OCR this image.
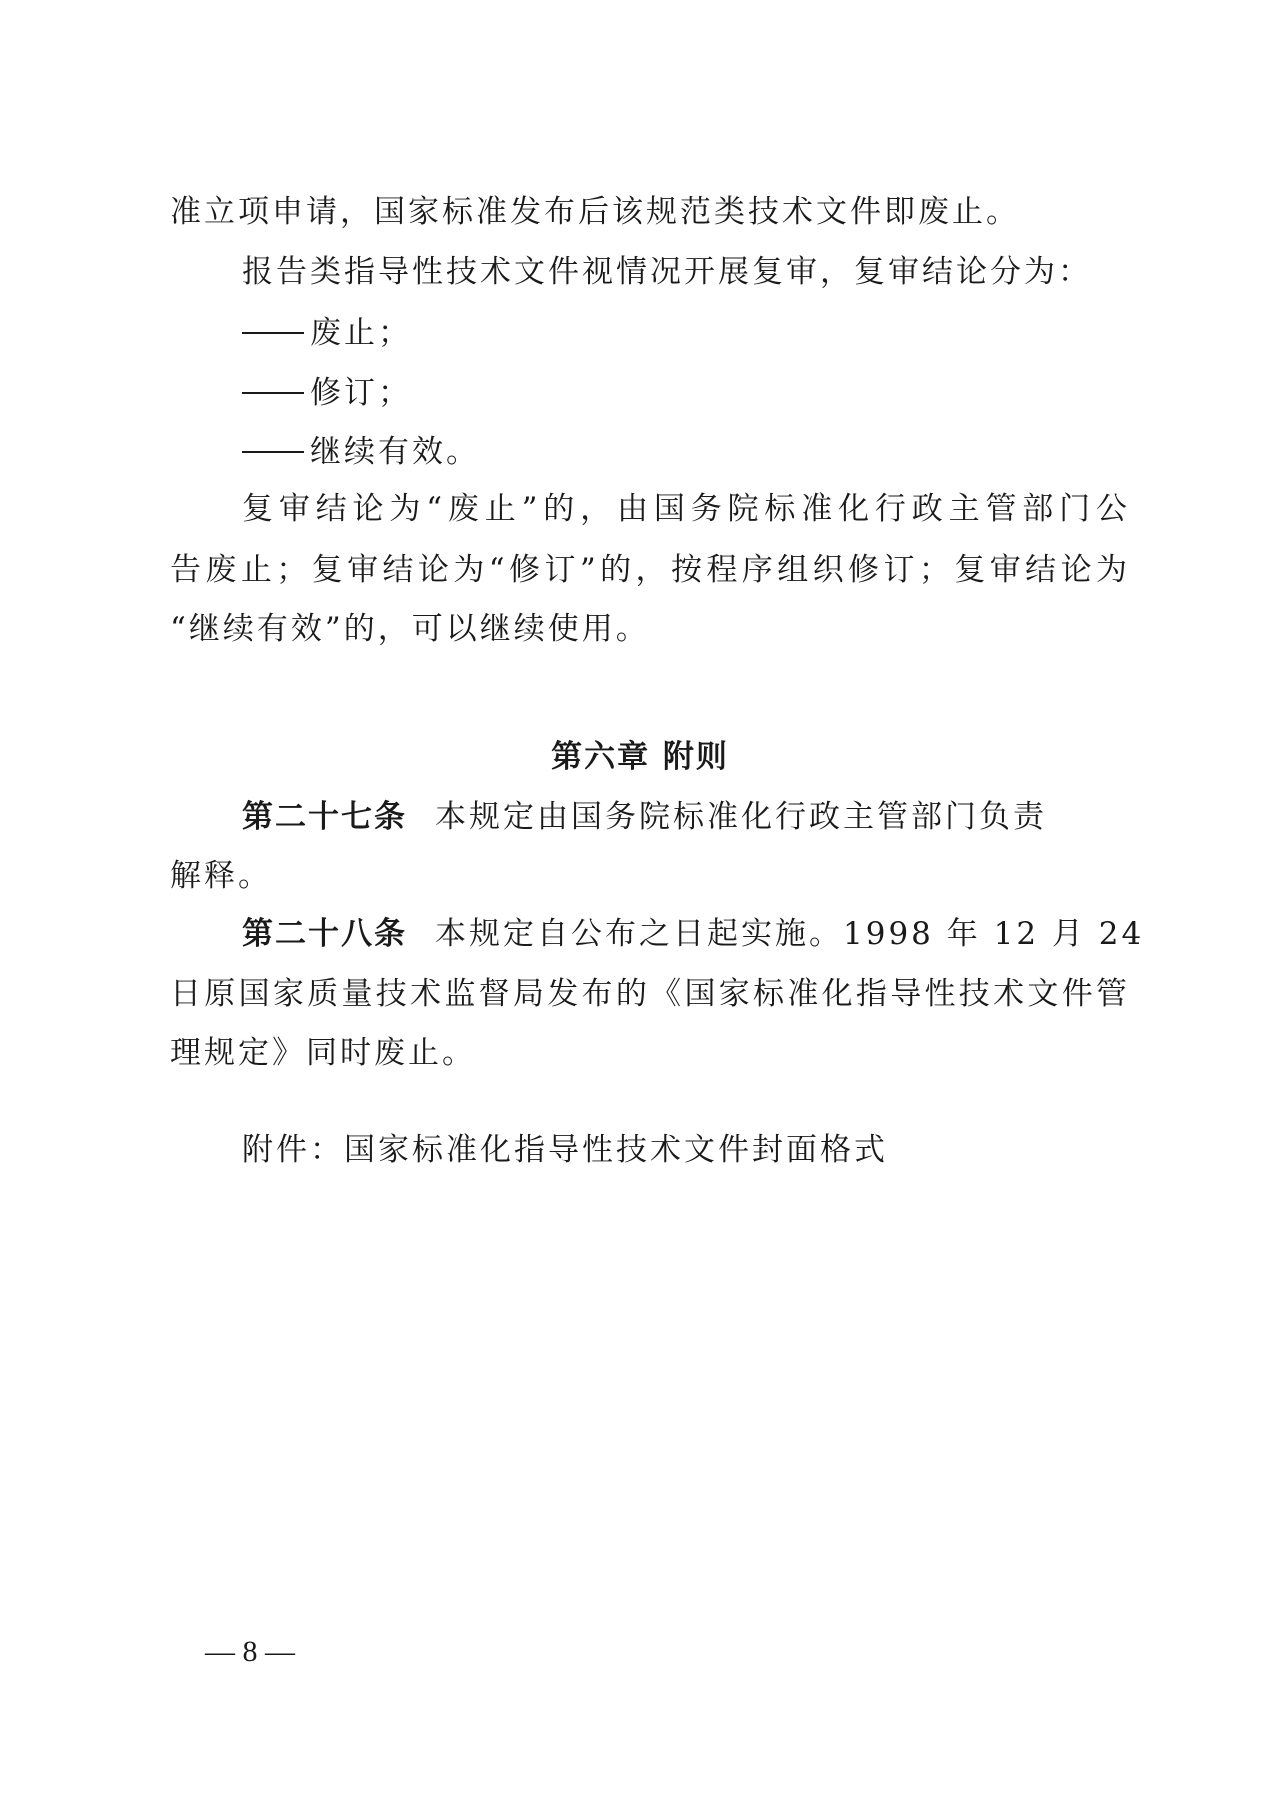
准立项申请，国家标准发布后该规范类技术文件即废止。
报告类指导性技术文件视情况开展复审，复审结论分为：
废止；
修订；
继续有效。
复审结论为“废止”的，由国务院标准化行政主管部门公
告废止；复审结论为“修订”的，按程序组织修订；复审结论为
“继续有效”的，可以继续使用。
第六章 附则
第二十七条 本规定由国务院标准化行政主管部门负责
解释。
第二十八条 本规定自公布之日起实施。1998 年 12 月 24
日原国家质量技术监督局发布的《国家标准化指导性技术文件管
理规定》同时废止。
附件：国家标准化指导性技术文件封面格式
— 8 —
